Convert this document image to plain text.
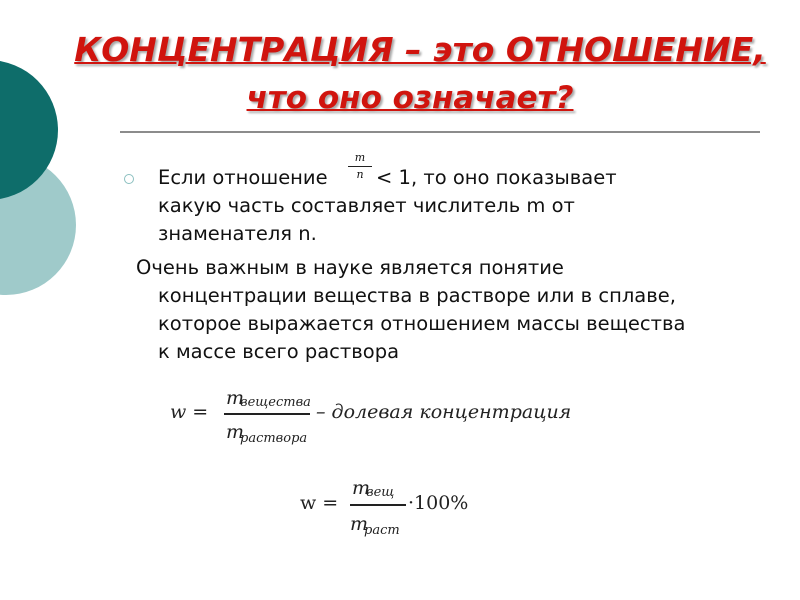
КОНЦЕНТРАЦИЯ – это ОТНОШЕНИЕ,
что оно означает?
Если отношение
m
n < 1, то оно показывает
какую часть составляет числитель m от
знаменателя n.
Очень важным в науке является понятие
концентрации вещества в растворе или в сплаве,
которое выражается отношением массы вещества
к массе всего раствора
w =
m
вещества
m
раствора
– долевая концентрация
w =
m
вещ
m
раст
·100%
